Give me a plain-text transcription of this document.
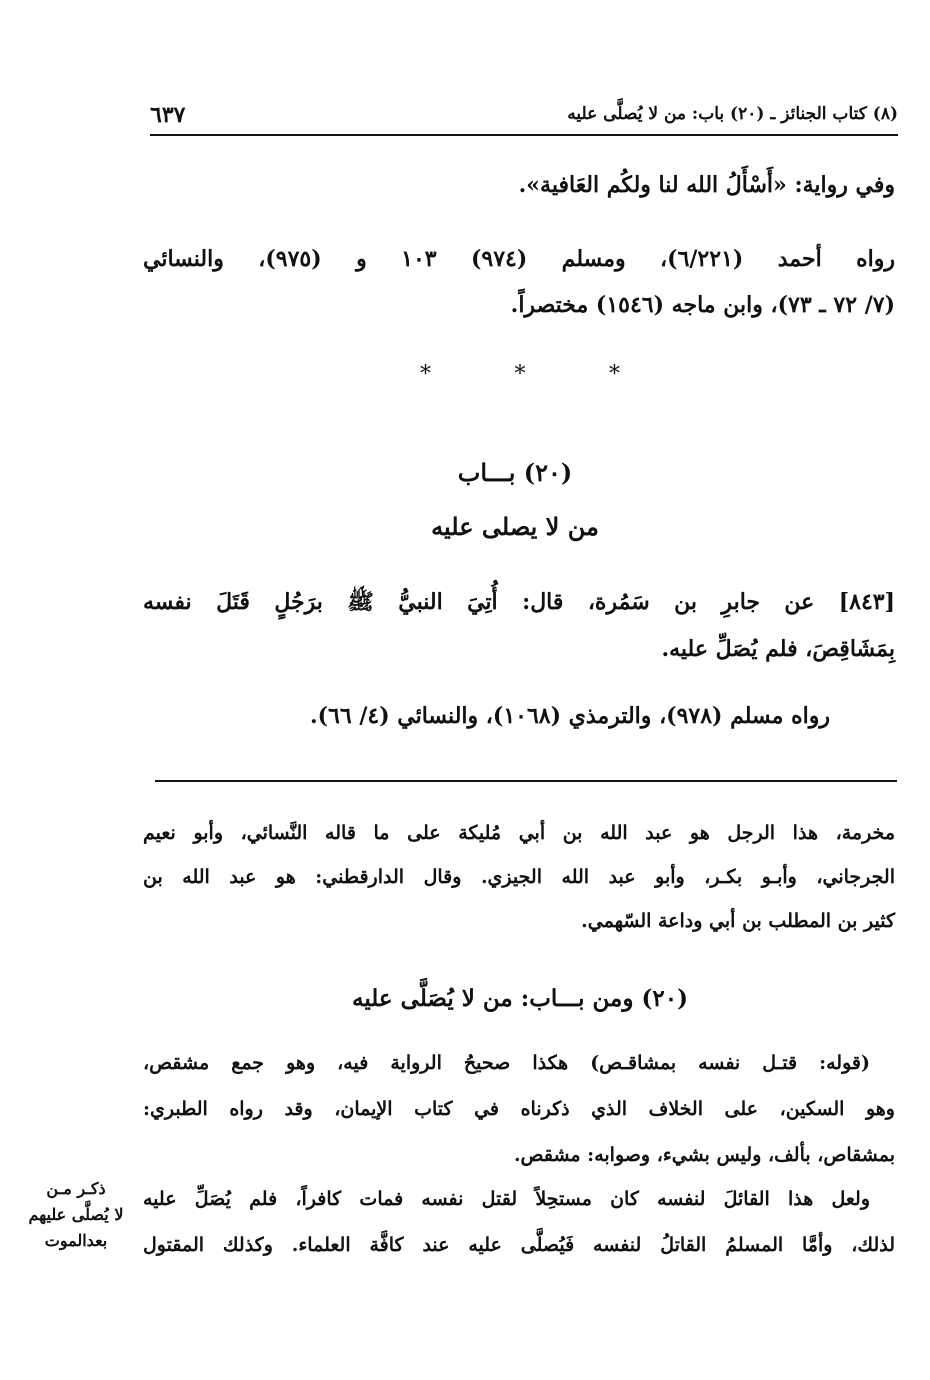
٦٣٧	(٨) كتاب الجنائز ـ (٢٠) باب: من لا يُصلَّى عليه
وفي رواية: «أَسْأَلُ الله لنا ولكُم العَافية».
رواه أحمد (٦/٢٢١)، ومسلم (٩٧٤) ١٠٣ و (٩٧٥)، والنسائي
(٧/ ٧٢ ـ ٧٣)، وابن ماجه (١٥٤٦) مختصراً.
*	*	*
(٢٠) بـــاب
من لا يصلى عليه
[٨٤٣] عن جابرِ بن سَمُرة، قال: أُتِيَ النبيُّ ﷺ برَجُلٍ قَتَلَ نفسه
بِمَشَاقِصَ، فلم يُصَلِّ عليه.
رواه مسلم (٩٧٨)، والترمذي (١٠٦٨)، والنسائي (٤/ ٦٦).
مخرمة، هذا الرجل هو عبد الله بن أبي مُليكة على ما قاله النَّسائي، وأبو نعيم
الجرجاني، وأبـو بكـر، وأبو عبد الله الجيزي. وقال الدارقطني: هو عبد الله بن
كثير بن المطلب بن أبي وداعة السّهمي.
(٢٠) ومن بـــاب: من لا يُصَلَّى عليه
(قوله: قتـل نفسه بمشاقـص) هكذا صحيحُ الرواية فيه، وهو جمع مشقص،
وهو السكين، على الخلاف الذي ذكرناه في كتاب الإيمان، وقد رواه الطبري:
بمشقاص، بألف، وليس بشيء، وصوابه: مشقص.
ولعل هذا القائلَ لنفسه كان مستحِلاً لقتل نفسه فمات كافراً، فلم يُصَلِّ عليه
لذلك، وأمَّا المسلمُ القاتلُ لنفسه فَيُصلَّى عليه عند كافَّة العلماء. وكذلك المقتول
ذكـر مـن
لا يُصلَّى عليهم
بعدالموت
